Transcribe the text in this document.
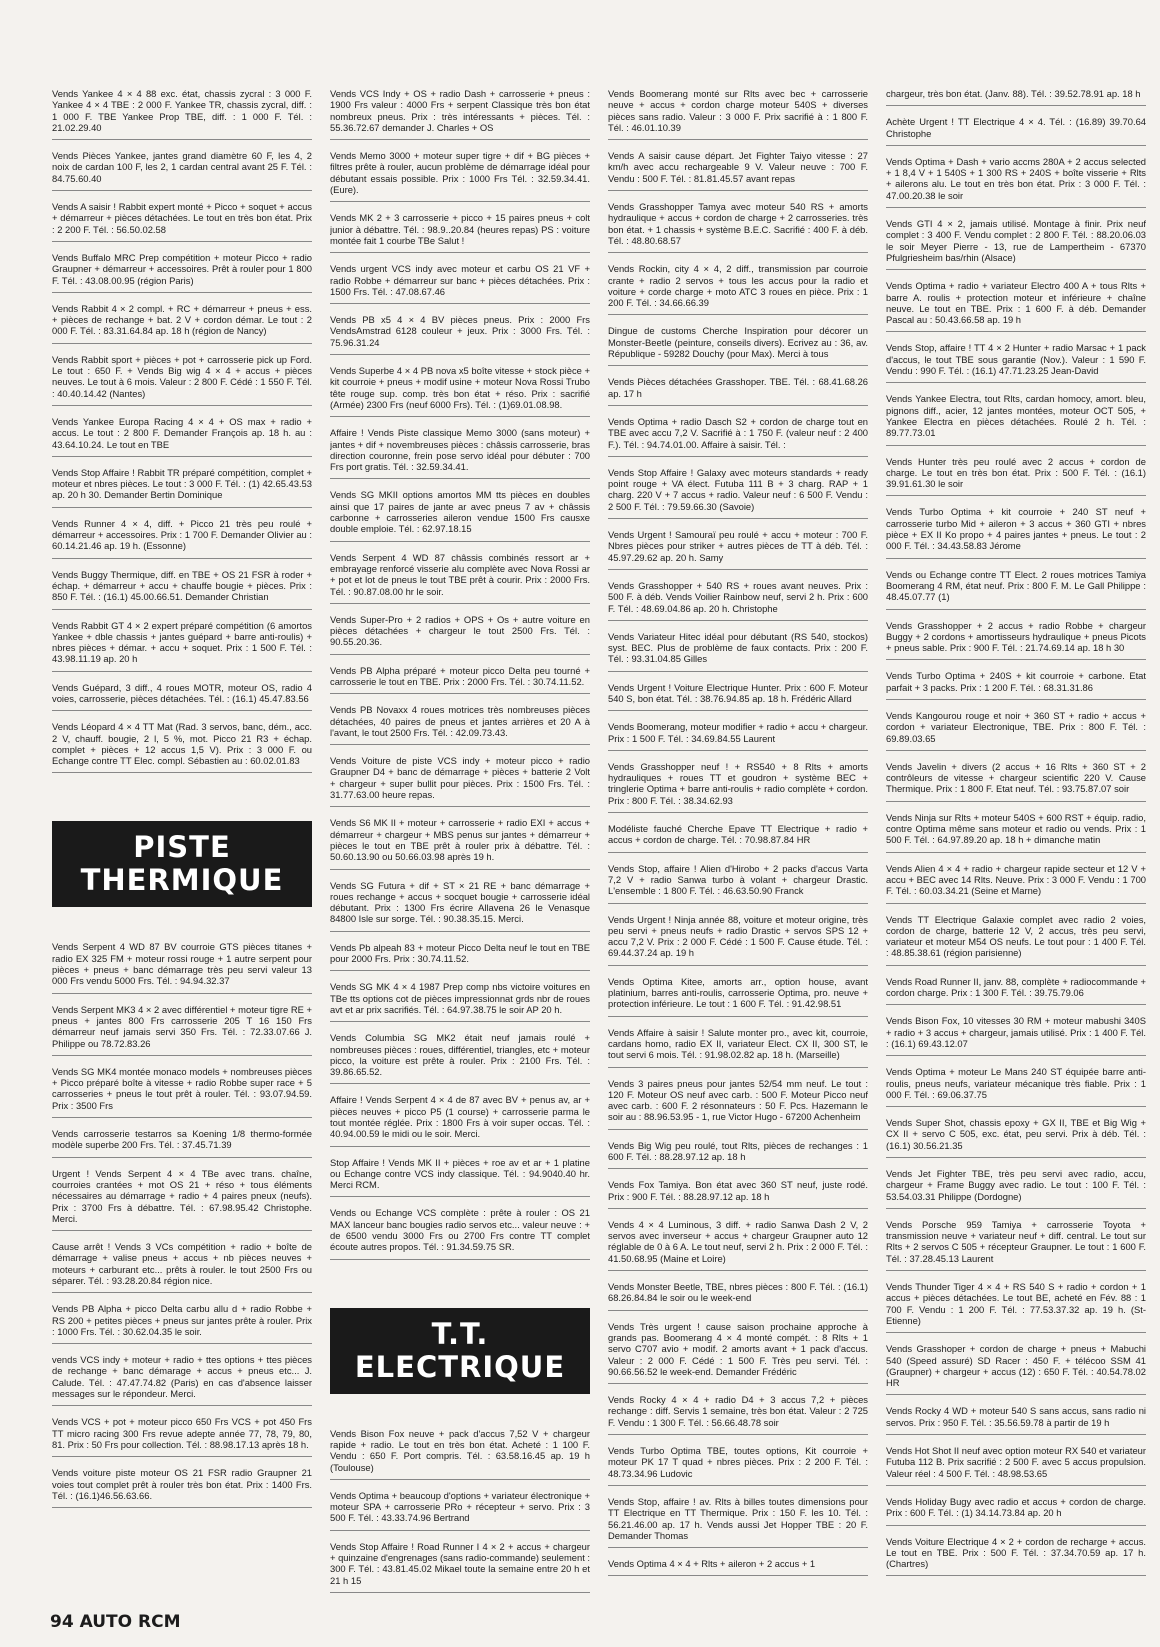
Vends Yankee 4 × 4 88 exc. état, chassis zycral : 3 000 F. Yankee 4 × 4 TBE : 2 000 F. Yankee TR, chassis zycral, diff. : 1 000 F. TBE Yankee Prop TBE, diff. : 1 000 F. Tél. : 21.02.29.40
Vends Pièces Yankee, jantes grand diamètre 60 F, les 4, 2 noix de cardan 100 F, les 2, 1 cardan central avant 25 F. Tél. : 84.75.60.40
Vends A saisir ! Rabbit expert monté + Picco + soquet + accus + démarreur + pièces détachées. Le tout en très bon état. Prix : 2 200 F. Tél. : 56.50.02.58
Vends Buffalo MRC Prep compétition + moteur Picco + radio Graupner + démarreur + accessoires. Prêt à rouler pour 1 800 F. Tél. : 43.08.00.95 (région Paris)
Vends Rabbit 4 × 2 compl. + RC + démarreur + pneus + ess. + pièces de rechange + bat. 2 V + cordon démar. Le tout : 2 000 F. Tél. : 83.31.64.84 ap. 18 h (région de Nancy)
Vends Rabbit sport + pièces + pot + carrosserie pick up Ford. Le tout : 650 F. + Vends Big wig 4 × 4 + accus + pièces neuves. Le tout à 6 mois. Valeur : 2 800 F. Cédé : 1 550 F. Tél. : 40.40.14.42 (Nantes)
Vends Yankee Europa Racing 4 × 4 + OS max + radio + accus. Le tout : 2 800 F. Demander François ap. 18 h. au : 43.64.10.24. Le tout en TBE
Vends Stop Affaire ! Rabbit TR préparé compétition, complet + moteur et nbres pièces. Le tout : 3 000 F. Tél. : (1) 42.65.43.53 ap. 20 h 30. Demander Bertin Dominique
Vends Runner 4 × 4, diff. + Picco 21 très peu roulé + démarreur + accessoires. Prix : 1 700 F. Demander Olivier au : 60.14.21.46 ap. 19 h. (Essonne)
Vends Buggy Thermique, diff. en TBE + OS 21 FSR à roder + échap. + démarreur + accu + chauffe bougie + pièces. Prix : 850 F. Tél. : (16.1) 45.00.66.51. Demander Christian
Vends Rabbit GT 4 × 2 expert préparé compétition (6 amortos Yankee + dble chassis + jantes guépard + barre anti-roulis) + nbres pièces + démar. + accu + soquet. Prix : 1 500 F. Tél. : 43.98.11.19 ap. 20 h
Vends Guépard, 3 diff., 4 roues MOTR, moteur OS, radio 4 voies, carrosserie, pièces détachées. Tél. : (16.1) 45.47.83.56
Vends Léopard 4 × 4 TT Mat (Rad. 3 servos, banc, dém., acc. 2 V, chauff. bougie, 2 l, 5 %, mot. Picco 21 R3 + échap. complet + pièces + 12 accus 1,5 V). Prix : 3 000 F. ou Echange contre TT Elec. compl. Sébastien au : 60.02.01.83
PISTE
THERMIQUE
Vends Serpent 4 WD 87 BV courroie GTS pièces titanes + radio EX 325 FM + moteur rossi rouge + 1 autre serpent pour pièces + pneus + banc démarrage très peu servi valeur 13 000 Frs vendu 5000 Frs. Tél. : 94.94.32.37
Vends Serpent MK3 4 × 2 avec différentiel + moteur tigre RE + pneus + jantes 800 Frs carrosserie 205 T 16 150 Frs démarreur neuf jamais servi 350 Frs. Tél. : 72.33.07.66 J. Philippe ou 78.72.83.26
Vends SG MK4 montée monaco models + nombreuses pièces + Picco préparé boîte à vitesse + radio Robbe super race + 5 carrosseries + pneus le tout prêt à rouler. Tél. : 93.07.94.59. Prix : 3500 Frs
Vends carrosserie testarros sa Koening 1/8 thermo-formée modèle superbe 200 Frs. Tél. : 37.45.71.39
Urgent ! Vends Serpent 4 × 4 TBe avec trans. chaîne, courroies crantées + mot OS 21 + réso + tous éléments nécessaires au démarrage + radio + 4 paires pneux (neufs). Prix : 3700 Frs à débattre. Tél. : 67.98.95.42 Christophe. Merci.
Cause arrêt ! Vends 3 VCs compétition + radio + boîte de démarrage + valise pneus + accus + nb pièces neuves + moteurs + carburant etc... prêts à rouler. le tout 2500 Frs ou séparer. Tél. : 93.28.20.84 région nice.
Vends PB Alpha + picco Delta carbu allu d + radio Robbe + RS 200 + petites pièces + pneus sur jantes prête à rouler. Prix : 1000 Frs. Tél. : 30.62.04.35 le soir.
vends VCS indy + moteur + radio + ttes options + ttes pièces de rechange + banc démarage + accus + pneus etc... J. Calude. Tél. : 47.47.74.82 (Paris) en cas d'absence laisser messages sur le répondeur. Merci.
Vends VCS + pot + moteur picco 650 Frs VCS + pot 450 Frs TT micro racing 300 Frs revue adepte année 77, 78, 79, 80, 81. Prix : 50 Frs pour collection. Tél. : 88.98.17.13 après 18 h.
Vends voiture piste moteur OS 21 FSR radio Graupner 21 voies tout complet prêt à rouler très bon état. Prix : 1400 Frs. Tél. : (16.1)46.56.63.66.
Vends VCS Indy + OS + radio Dash + carrosserie + pneus : 1900 Frs valeur : 4000 Frs + serpent Classique très bon état nombreux pneus. Prix : très intéressants + pièces. Tél. : 55.36.72.67 demander J. Charles + OS
Vends Memo 3000 + moteur super tigre + dif + BG pièces + filtres prête à rouler, aucun problème de démarrage idéal pour débutant essais possible. Prix : 1000 Frs Tél. : 32.59.34.41. (Eure).
Vends MK 2 + 3 carrosserie + picco + 15 paires pneus + colt junior à débattre. Tél. : 98.9..20.84 (heures repas) PS : voiture montée fait 1 courbe TBe Salut !
Vends urgent VCS indy avec moteur et carbu OS 21 VF + radio Robbe + démarreur sur banc + pièces détachées. Prix : 1500 Frs. Tél. : 47.08.67.46
Vends PB x5 4 × 4 BV pièces pneus. Prix : 2000 Frs VendsAmstrad 6128 couleur + jeux. Prix : 3000 Frs. Tél. : 75.96.31.24
Vends Superbe 4 × 4 PB nova x5 boîte vitesse + stock pièce + kit courroie + pneus + modif usine + moteur Nova Rossi Trubo tête rouge sup. comp. très bon état + réso. Prix : sacrifié (Armée) 2300 Frs (neuf 6000 Frs). Tél. : (1)69.01.08.98.
Affaire ! Vends Piste classique Memo 3000 (sans moteur) + jantes + dif + novembreuses pièces : châssis carrosserie, bras direction couronne, frein pose servo idéal pour débuter : 700 Frs port gratis. Tél. : 32.59.34.41.
Vends SG MKII options amortos MM tts pièces en doubles ainsi que 17 paires de jante ar avec pneus 7 av + châssis carbonne + carrosseries aileron vendue 1500 Frs causxe double emploie. Tél. : 62.97.18.15
Vends Serpent 4 WD 87 châssis combinés ressort ar + embrayage renforcé visserie alu complète avec Nova Rossi ar + pot et lot de pneus le tout TBE prêt à courir. Prix : 2000 Frs. Tél. : 90.87.08.00 hr le soir.
Vends Super-Pro + 2 radios + OPS + Os + autre voiture en pièces détachées + chargeur le tout 2500 Frs. Tél. : 90.55.20.36.
Vends PB Alpha préparé + moteur picco Delta peu tourné + carrosserie le tout en TBE. Prix : 2000 Frs. Tél. : 30.74.11.52.
Vends PB Novaxx 4 roues motrices très nombreuses pièces détachées, 40 paires de pneus et jantes arrières et 20 A à l'avant, le tout 2500 Frs. Tél. : 42.09.73.43.
Vends Voiture de piste VCS indy + moteur picco + radio Graupner D4 + banc de démarrage + pièces + batterie 2 Volt + chargeur + super bullit pour pièces. Prix : 1500 Frs. Tél. : 31.77.63.00 heure repas.
Vends S6 MK II + moteur + carrosserie + radio EXI + accus + démarreur + chargeur + MBS penus sur jantes + démarreur + pièces le tout en TBE prêt à rouler prix à débattre. Tél. : 50.60.13.90 ou 50.66.03.98 après 19 h.
Vends SG Futura + dif + ST × 21 RE + banc démarrage + roues rechange + accus + socquet bougie + carrosserie idéal débutant. Prix : 1300 Frs écrire Allavena 26 le Venasque 84800 Isle sur sorge. Tél. : 90.38.35.15. Merci.
Vends Pb alpeah 83 + moteur Picco Delta neuf le tout en TBE pour 2000 Frs. Prix : 30.74.11.52.
Vends SG MK 4 × 4 1987 Prep comp nbs victoire voitures en TBe tts options cot de pièces impressionnat grds nbr de roues avt et ar prix sacrifiés. Tél. : 64.97.38.75 le soir AP 20 h.
Vends Columbia SG MK2 était neuf jamais roulé + nombreuses pièces : roues, différentiel, triangles, etc + moteur picco, la voiture est prête à rouler. Prix : 2100 Frs. Tél. : 39.86.65.52.
Affaire ! Vends Serpent 4 × 4 de 87 avec BV + penus av, ar + pièces neuves + picco P5 (1 course) + carrosserie parma le tout montée réglée. Prix : 1800 Frs à voir super occas. Tél. : 40.94.00.59 le midi ou le soir. Merci.
Stop Affaire ! Vends MK II + pièces + roe av et ar + 1 platine ou Echange contre VCS indy classique. Tél. : 94.9040.40 hr. Merci RCM.
Vends ou Echange VCS complète : prête à rouler : OS 21 MAX lanceur banc bougies radio servos etc... valeur neuve : + de 6500 vendu 3000 Frs ou 2700 Frs contre TT complet écoute autres propos. Tél. : 91.34.59.75 SR.
T.T.
ELECTRIQUE
Vends Bison Fox neuve + pack d'accus 7,52 V + chargeur rapide + radio. Le tout en très bon état. Acheté : 1 100 F. Vendu : 650 F. Port compris. Tél. : 63.58.16.45 ap. 19 h (Toulouse)
Vends Optima + beaucoup d'options + variateur électronique + moteur SPA + carrosserie PRo + récepteur + servo. Prix : 3 500 F. Tél. : 43.33.74.96 Bertrand
Vends Stop Affaire ! Road Runner I 4 × 2 + accus + chargeur + quinzaine d'engrenages (sans radio-commande) seulement : 300 F. Tél. : 43.81.45.02 Mikael toute la semaine entre 20 h et 21 h 15
Vends Boomerang monté sur Rlts avec bec + carrosserie neuve + accus + cordon charge moteur 540S + diverses pièces sans radio. Valeur : 3 000 F. Prix sacrifié à : 1 800 F. Tél. : 46.01.10.39
Vends A saisir cause départ. Jet Fighter Taiyo vitesse : 27 km/h avec accu rechargeable 9 V. Valeur neuve : 700 F. Vendu : 500 F. Tél. : 81.81.45.57 avant repas
Vends Grasshopper Tamya avec moteur 540 RS + amorts hydraulique + accus + cordon de charge + 2 carrosseries. très bon état. + 1 chassis + système B.E.C. Sacrifié : 400 F. à déb. Tél. : 48.80.68.57
Vends Rockin, city 4 × 4, 2 diff., transmission par courroie crante + radio 2 servos + tous les accus pour la radio et voiture + corde charge + moto ATC 3 roues en pièce. Prix : 1 200 F. Tél. : 34.66.66.39
Dingue de customs Cherche Inspiration pour décorer un Monster-Beetle (peinture, conseils divers). Ecrivez au : 36, av. République - 59282 Douchy (pour Max). Merci à tous
Vends Pièces détachées Grasshoper. TBE. Tél. : 68.41.68.26 ap. 17 h
Vends Optima + radio Dasch S2 + cordon de charge tout en TBE avec accu 7,2 V. Sacrifié à : 1 750 F. (valeur neuf : 2 400 F.). Tél. : 94.74.01.00. Affaire à saisir. Tél. :
Vends Stop Affaire ! Galaxy avec moteurs standards + ready point rouge + VA élect. Futuba 111 B + 3 charg. RAP + 1 charg. 220 V + 7 accus + radio. Valeur neuf : 6 500 F. Vendu : 2 500 F. Tél. : 79.59.66.30 (Savoie)
Vends Urgent ! Samouraï peu roulé + accu + moteur : 700 F. Nbres pièces pour striker + autres pièces de TT à déb. Tél. : 45.97.29.62 ap. 20 h. Samy
Vends Grasshopper + 540 RS + roues avant neuves. Prix : 500 F. à déb. Vends Voilier Rainbow neuf, servi 2 h. Prix : 600 F. Tél. : 48.69.04.86 ap. 20 h. Christophe
Vends Variateur Hitec idéal pour débutant (RS 540, stockos) syst. BEC. Plus de problème de faux contacts. Prix : 200 F. Tél. : 93.31.04.85 Gilles
Vends Urgent ! Voiture Electrique Hunter. Prix : 600 F. Moteur 540 S, bon état. Tél. : 38.76.94.85 ap. 18 h. Frédéric Allard
Vends Boomerang, moteur modifier + radio + accu + chargeur. Prix : 1 500 F. Tél. : 34.69.84.55 Laurent
Vends Grasshopper neuf ! + RS540 + 8 Rlts + amorts hydrauliques + roues TT et goudron + système BEC + tringlerie Optima + barre anti-roulis + radio complète + cordon. Prix : 800 F. Tél. : 38.34.62.93
Modéliste fauché Cherche Epave TT Electrique + radio + accus + cordon de charge. Tél. : 70.98.87.84 HR
Vends Stop, affaire ! Alien d'Hirobo + 2 packs d'accus Varta 7,2 V + radio Sanwa turbo à volant + chargeur Drastic. L'ensemble : 1 800 F. Tél. : 46.63.50.90 Franck
Vends Urgent ! Ninja année 88, voiture et moteur origine, très peu servi + pneus neufs + radio Drastic + servos SPS 12 + accu 7,2 V. Prix : 2 000 F. Cédé : 1 500 F. Cause étude. Tél. : 69.44.37.24 ap. 19 h
Vends Optima Kitee, amorts arr., option house, avant platinium, barres anti-roulis, carrosserie Optima, pro. neuve + protection inférieure. Le tout : 1 600 F. Tél. : 91.42.98.51
Vends Affaire à saisir ! Salute monter pro., avec kit, courroie, cardans homo, radio EX II, variateur Elect. CX II, 300 ST, le tout servi 6 mois. Tél. : 91.98.02.82 ap. 18 h. (Marseille)
Vends 3 paires pneus pour jantes 52/54 mm neuf. Le tout : 120 F. Moteur OS neuf avec carb. : 500 F. Moteur Picco neuf avec carb. : 600 F. 2 résonnateurs : 50 F. Pcs. Hazemann le soir au : 88.96.53.95 - 1, rue Victor Hugo - 67200 Achenheim
Vends Big Wig peu roulé, tout Rlts, pièces de rechanges : 1 600 F. Tél. : 88.28.97.12 ap. 18 h
Vends Fox Tamiya. Bon état avec 360 ST neuf, juste rodé. Prix : 900 F. Tél. : 88.28.97.12 ap. 18 h
Vends 4 × 4 Luminous, 3 diff. + radio Sanwa Dash 2 V, 2 servos avec inverseur + accus + chargeur Graupner auto 12 réglable de 0 à 6 A. Le tout neuf, servi 2 h. Prix : 2 000 F. Tél. : 41.50.68.95 (Maine et Loire)
Vends Monster Beetle, TBE, nbres pièces : 800 F. Tél. : (16.1) 68.26.84.84 le soir ou le week-end
Vends Très urgent ! cause saison prochaine approche à grands pas. Boomerang 4 × 4 monté compét. : 8 Rlts + 1 servo C707 avio + modif. 2 amorts avant + 1 pack d'accus. Valeur : 2 000 F. Cédé : 1 500 F. Très peu servi. Tél. : 90.66.56.52 le week-end. Demander Frédéric
Vends Rocky 4 × 4 + radio D4 + 3 accus 7,2 + pièces rechange : diff. Servis 1 semaine, très bon état. Valeur : 2 725 F. Vendu : 1 300 F. Tél. : 56.66.48.78 soir
Vends Turbo Optima TBE, toutes options, Kit courroie + moteur PK 17 T quad + nbres pièces. Prix : 2 200 F. Tél. : 48.73.34.96 Ludovic
Vends Stop, affaire ! av. Rlts à billes toutes dimensions pour TT Electrique en TT Thermique. Prix : 150 F. les 10. Tél. : 56.21.46.00 ap. 17 h. Vends aussi Jet Hopper TBE : 20 F. Demander Thomas
Vends Optima 4 × 4 + Rlts + aileron + 2 accus + 1
chargeur, très bon état. (Janv. 88). Tél. : 39.52.78.91 ap. 18 h
Achète Urgent ! TT Electrique 4 × 4. Tél. : (16.89) 39.70.64 Christophe
Vends Optima + Dash + vario accms 280A + 2 accus selected + 1 8,4 V + 1 540S + 1 300 RS + 240S + boîte visserie + Rlts + ailerons alu. Le tout en très bon état. Prix : 3 000 F. Tél. : 47.00.20.38 le soir
Vends GTI 4 × 2, jamais utilisé. Montage à finir. Prix neuf complet : 3 400 F. Vendu complet : 2 800 F. Tél. : 88.20.06.03 le soir Meyer Pierre - 13, rue de Lampertheim - 67370 Pfulgriesheim bas/rhin (Alsace)
Vends Optima + radio + variateur Electro 400 A + tous Rlts + barre A. roulis + protection moteur et inférieure + chaîne neuve. Le tout en TBE. Prix : 1 600 F. à déb. Demander Pascal au : 50.43.66.58 ap. 19 h
Vends Stop, affaire ! TT 4 × 2 Hunter + radio Marsac + 1 pack d'accus, le tout TBE sous garantie (Nov.). Valeur : 1 590 F. Vendu : 990 F. Tél. : (16.1) 47.71.23.25 Jean-David
Vends Yankee Electra, tout Rlts, cardan homocy, amort. bleu, pignons diff., acier, 12 jantes montées, moteur OCT 505, + Yankee Electra en pièces détachées. Roulé 2 h. Tél. : 89.77.73.01
Vends Hunter très peu roulé avec 2 accus + cordon de charge. Le tout en très bon état. Prix : 500 F. Tél. : (16.1) 39.91.61.30 le soir
Vends Turbo Optima + kit courroie + 240 ST neuf + carrosserie turbo Mid + aileron + 3 accus + 360 GTI + nbres pièce + EX II Ko propo + 4 paires jantes + pneus. Le tout : 2 000 F. Tél. : 34.43.58.83 Jérome
Vends ou Echange contre TT Elect. 2 roues motrices Tamiya Boomerang 4 RM, état neuf. Prix : 800 F. M. Le Gall Philippe : 48.45.07.77 (1)
Vends Grasshopper + 2 accus + radio Robbe + chargeur Buggy + 2 cordons + amortisseurs hydraulique + pneus Picots + pneus sable. Prix : 900 F. Tél. : 21.74.69.14 ap. 18 h 30
Vends Turbo Optima + 240S + kit courroie + carbone. Etat parfait + 3 packs. Prix : 1 200 F. Tél. : 68.31.31.86
Vends Kangourou rouge et noir + 360 ST + radio + accus + cordon + variateur Electronique, TBE. Prix : 800 F. Tél. : 69.89.03.65
Vends Javelin + divers (2 accus + 16 Rlts + 360 ST + 2 contrôleurs de vitesse + chargeur scientific 220 V. Cause Thermique. Prix : 1 800 F. Etat neuf. Tél. : 93.75.87.07 soir
Vends Ninja sur Rlts + moteur 540S + 600 RST + équip. radio, contre Optima même sans moteur et radio ou vends. Prix : 1 500 F. Tél. : 64.97.89.20 ap. 18 h + dimanche matin
Vends Alien 4 × 4 + radio + chargeur rapide secteur et 12 V + accu + BEC avec 14 Rlts. Neuve. Prix : 3 000 F. Vendu : 1 700 F. Tél. : 60.03.34.21 (Seine et Marne)
Vends TT Electrique Galaxie complet avec radio 2 voies, cordon de charge, batterie 12 V, 2 accus, très peu servi, variateur et moteur M54 OS neufs. Le tout pour : 1 400 F. Tél. : 48.85.38.61 (région parisienne)
Vends Road Runner II, janv. 88, complète + radiocommande + cordon charge. Prix : 1 300 F. Tél. : 39.75.79.06
Vends Bison Fox, 10 vitesses 30 RM + moteur mabushi 340S + radio + 3 accus + chargeur, jamais utilisé. Prix : 1 400 F. Tél. : (16.1) 69.43.12.07
Vends Optima + moteur Le Mans 240 ST équipée barre anti-roulis, pneus neufs, variateur mécanique très fiable. Prix : 1 000 F. Tél. : 69.06.37.75
Vends Super Shot, chassis epoxy + GX II, TBE et Big Wig + CX II + servo C 505, exc. état, peu servi. Prix à déb. Tél. : (16.1) 30.56.21.35
Vends Jet Fighter TBE, très peu servi avec radio, accu, chargeur + Frame Buggy avec radio. Le tout : 100 F. Tél. : 53.54.03.31 Philippe (Dordogne)
Vends Porsche 959 Tamiya + carrosserie Toyota + transmission neuve + variateur neuf + diff. central. Le tout sur Rlts + 2 servos C 505 + récepteur Graupner. Le tout : 1 600 F. Tél. : 37.28.45.13 Laurent
Vends Thunder Tiger 4 × 4 + RS 540 S + radio + cordon + 1 accus + pièces détachées. Le tout BE, acheté en Fév. 88 : 1 700 F. Vendu : 1 200 F. Tél. : 77.53.37.32 ap. 19 h. (St-Etienne)
Vends Grasshoper + cordon de charge + pneus + Mabuchi 540 (Speed assuré) SD Racer : 450 F. + télécoo SSM 41 (Graupner) + chargeur + accus (12) : 650 F. Tél. : 40.54.78.02 HR
Vends Rocky 4 WD + moteur 540 S sans accus, sans radio ni servos. Prix : 950 F. Tél. : 35.56.59.78 à partir de 19 h
Vends Hot Shot II neuf avec option moteur RX 540 et variateur Futuba 112 B. Prix sacrifié : 2 500 F. avec 5 accus propulsion. Valeur réel : 4 500 F. Tél. : 48.98.53.65
Vends Holiday Bugy avec radio et accus + cordon de charge. Prix : 600 F. Tél. : (1) 34.14.73.84 ap. 20 h
Vends Voiture Electrique 4 × 2 + cordon de recharge + accus. Le tout en TBE. Prix : 500 F. Tél. : 37.34.70.59 ap. 17 h. (Chartres)
94 AUTO RCM
